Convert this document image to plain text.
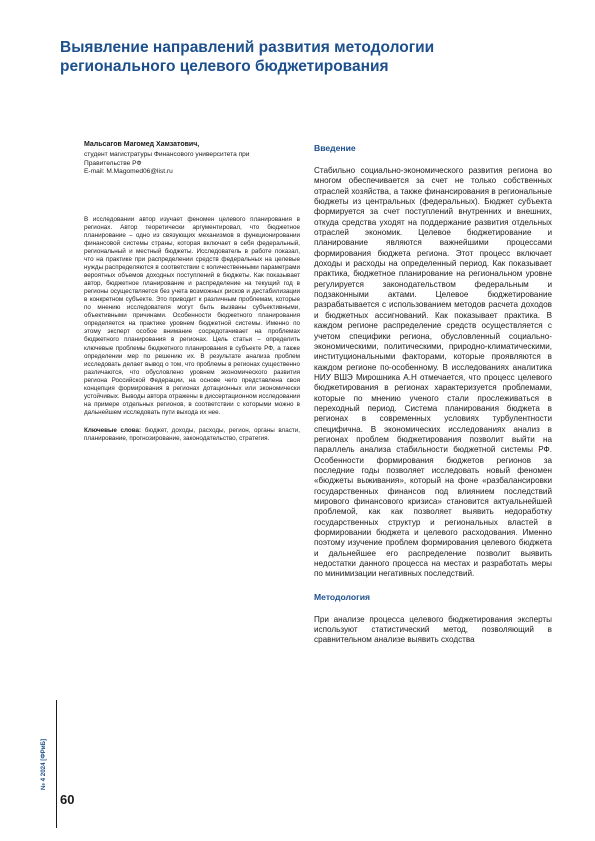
Выявление направлений развития методологии регионального целевого бюджетирования

Мальсагов Магомед Хамзатович,

студент магистратуры Финансового университета при

Правительстве РФ

E-mail: M.Magomed06@list.ru

В исследовании автор изучает феномен целевого планирования в регионах. Автор теоретически аргументировал, что бюджетное планирование – одно из связующих механизмов в функционировании финансовой системы страны, которая включает в себя федеральный, региональный и местный бюджеты. Исследователь в работе показал, что на практике при распределении средств федеральных на целевые нужды распределяются в соответствии с количественными параметрами вероятных объемов доходных поступлений в бюджеты. Как показывает автор, бюджетное планирование и распределение на текущий год в регионы осуществляется без учета возможных рисков и дестабилизации в конкретном субъекте. Это приводит к различным проблемам, которые по мнению исследователя могут быть вызваны субъективными, объективными причинами. Особенности бюджетного планирования определяется на практике уровнем бюджетной системы. Именно по этому эксперт особое внимание сосредотачивает на проблемах бюджетного планирования в регионах. Цель статьи – определить ключевые проблемы бюджетного планирования в субъекте РФ, а также определении мер по решению их. В результате анализа проблем исследовать делает вывод о том, что проблемы в регионах существенно различаются, что обусловлено уровнем экономического развития региона Российской Федерации, на основе чего представлена своя концепция формирования в регионах дотационных или экономически устойчивых. Выводы автора отражены в диссертационном исследовании на примере отдельных регионов, в соответствии с которыми можно в дальнейшем исследовать пути выхода их нее.

Ключевые слова: бюджет, доходы, расходы, регион, органы власти, планирование, прогнозирование, законодательство, стратегия.

Введение

Стабильно социально-экономического развития региона во многом обеспечивается за счет не только собственных отраслей хозяйства, а также финансирования в региональные бюджеты из центральных (федеральных). Бюджет субъекта формируется за счет поступлений внутренних и внешних, откуда средства уходят на поддержание развития отдельных отраслей экономик. Целевое бюджетирование и планирование являются важнейшими процессами формирования бюджета региона. Этот процесс включает доходы и расходы на определенный период. Как показывает практика, бюджетное планирование на региональном уровне регулируется законодательством федеральным и подзаконными актами. Целевое бюджетирование разрабатывается с использованием методов расчета доходов и бюджетных ассигнований. Как показывает практика. В каждом регионе распределение средств осуществляется с учетом специфики региона, обусловленный социально-экономическими, политическими, природно-климатическими, институциональными факторами, которые проявляются в каждом регионе по-особенному. В исследованиях аналитика НИУ ВШЭ Мирошника А.Н отмечается, что процесс целевого бюджетирования в регионах характеризуется проблемами, которые по мнению ученого стали прослеживаться в переходный период. Система планирования бюджета в регионах в современных условиях турбулентности специфична. В экономических исследованиях анализ в регионах проблем бюджетирования позволит выйти на параллель анализа стабильности бюджетной системы РФ. Особенности формирования бюджетов регионов за последние годы позволяет исследовать новый феномен «бюджеты выживания», который на фоне «разбалансировки государственных финансов под влиянием последствий мирового финансового кризиса» становится актуальнейшей проблемой, как как позволяет выявить недоработку государственных структур и региональных властей в формировании бюджета и целевого расходования. Именно поэтому изучение проблем формирования целевого бюджета и дальнейшее его распределение позволит выявить недостатки данного процесса на местах и разработать меры по минимизации негативных последствий.

Методология

При анализе процесса целевого бюджетирования эксперты используют статистический метод, позволяющий в сравнительном анализе выявить сходства

№ 4 2024 [ФРиБ]
60
